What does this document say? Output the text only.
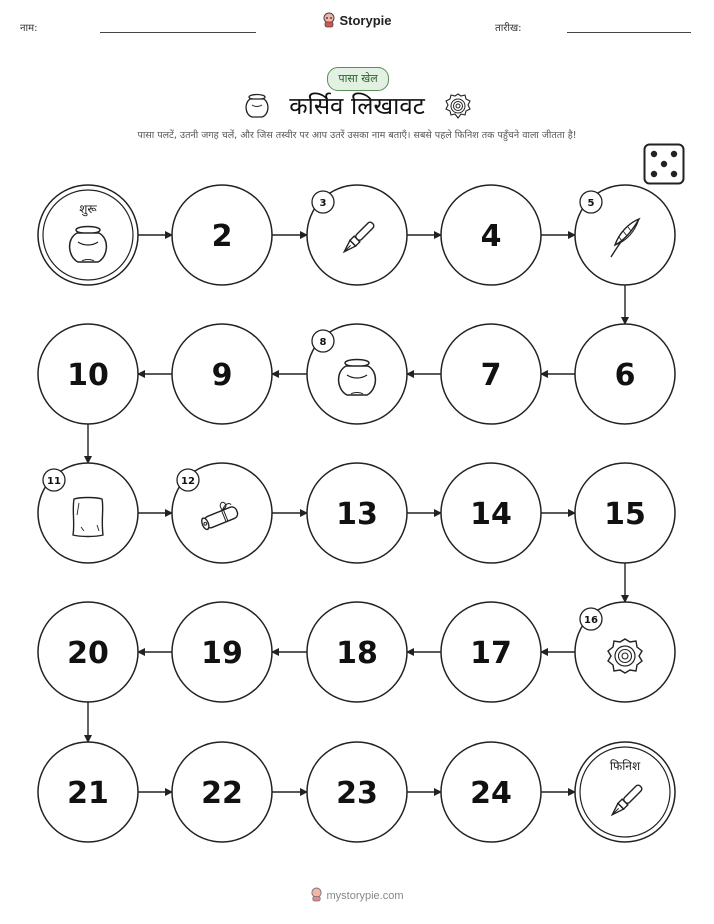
नाम:
Storypie
तारीख:
पासा खेल
कर्सिव लिखावट
पासा पलटें, उतनी जगह चलें, और जिस तस्वीर पर आप उतरें उसका नाम बताएँ। सबसे पहले फिनिश तक पहुँचने वाला जीतता है!
शुरू
2
3
4
5
6
7
8
9
10
11	12
13	14	15
16
17
18
19
20
21	22	23	24
फिनिश
mystorypie.com
